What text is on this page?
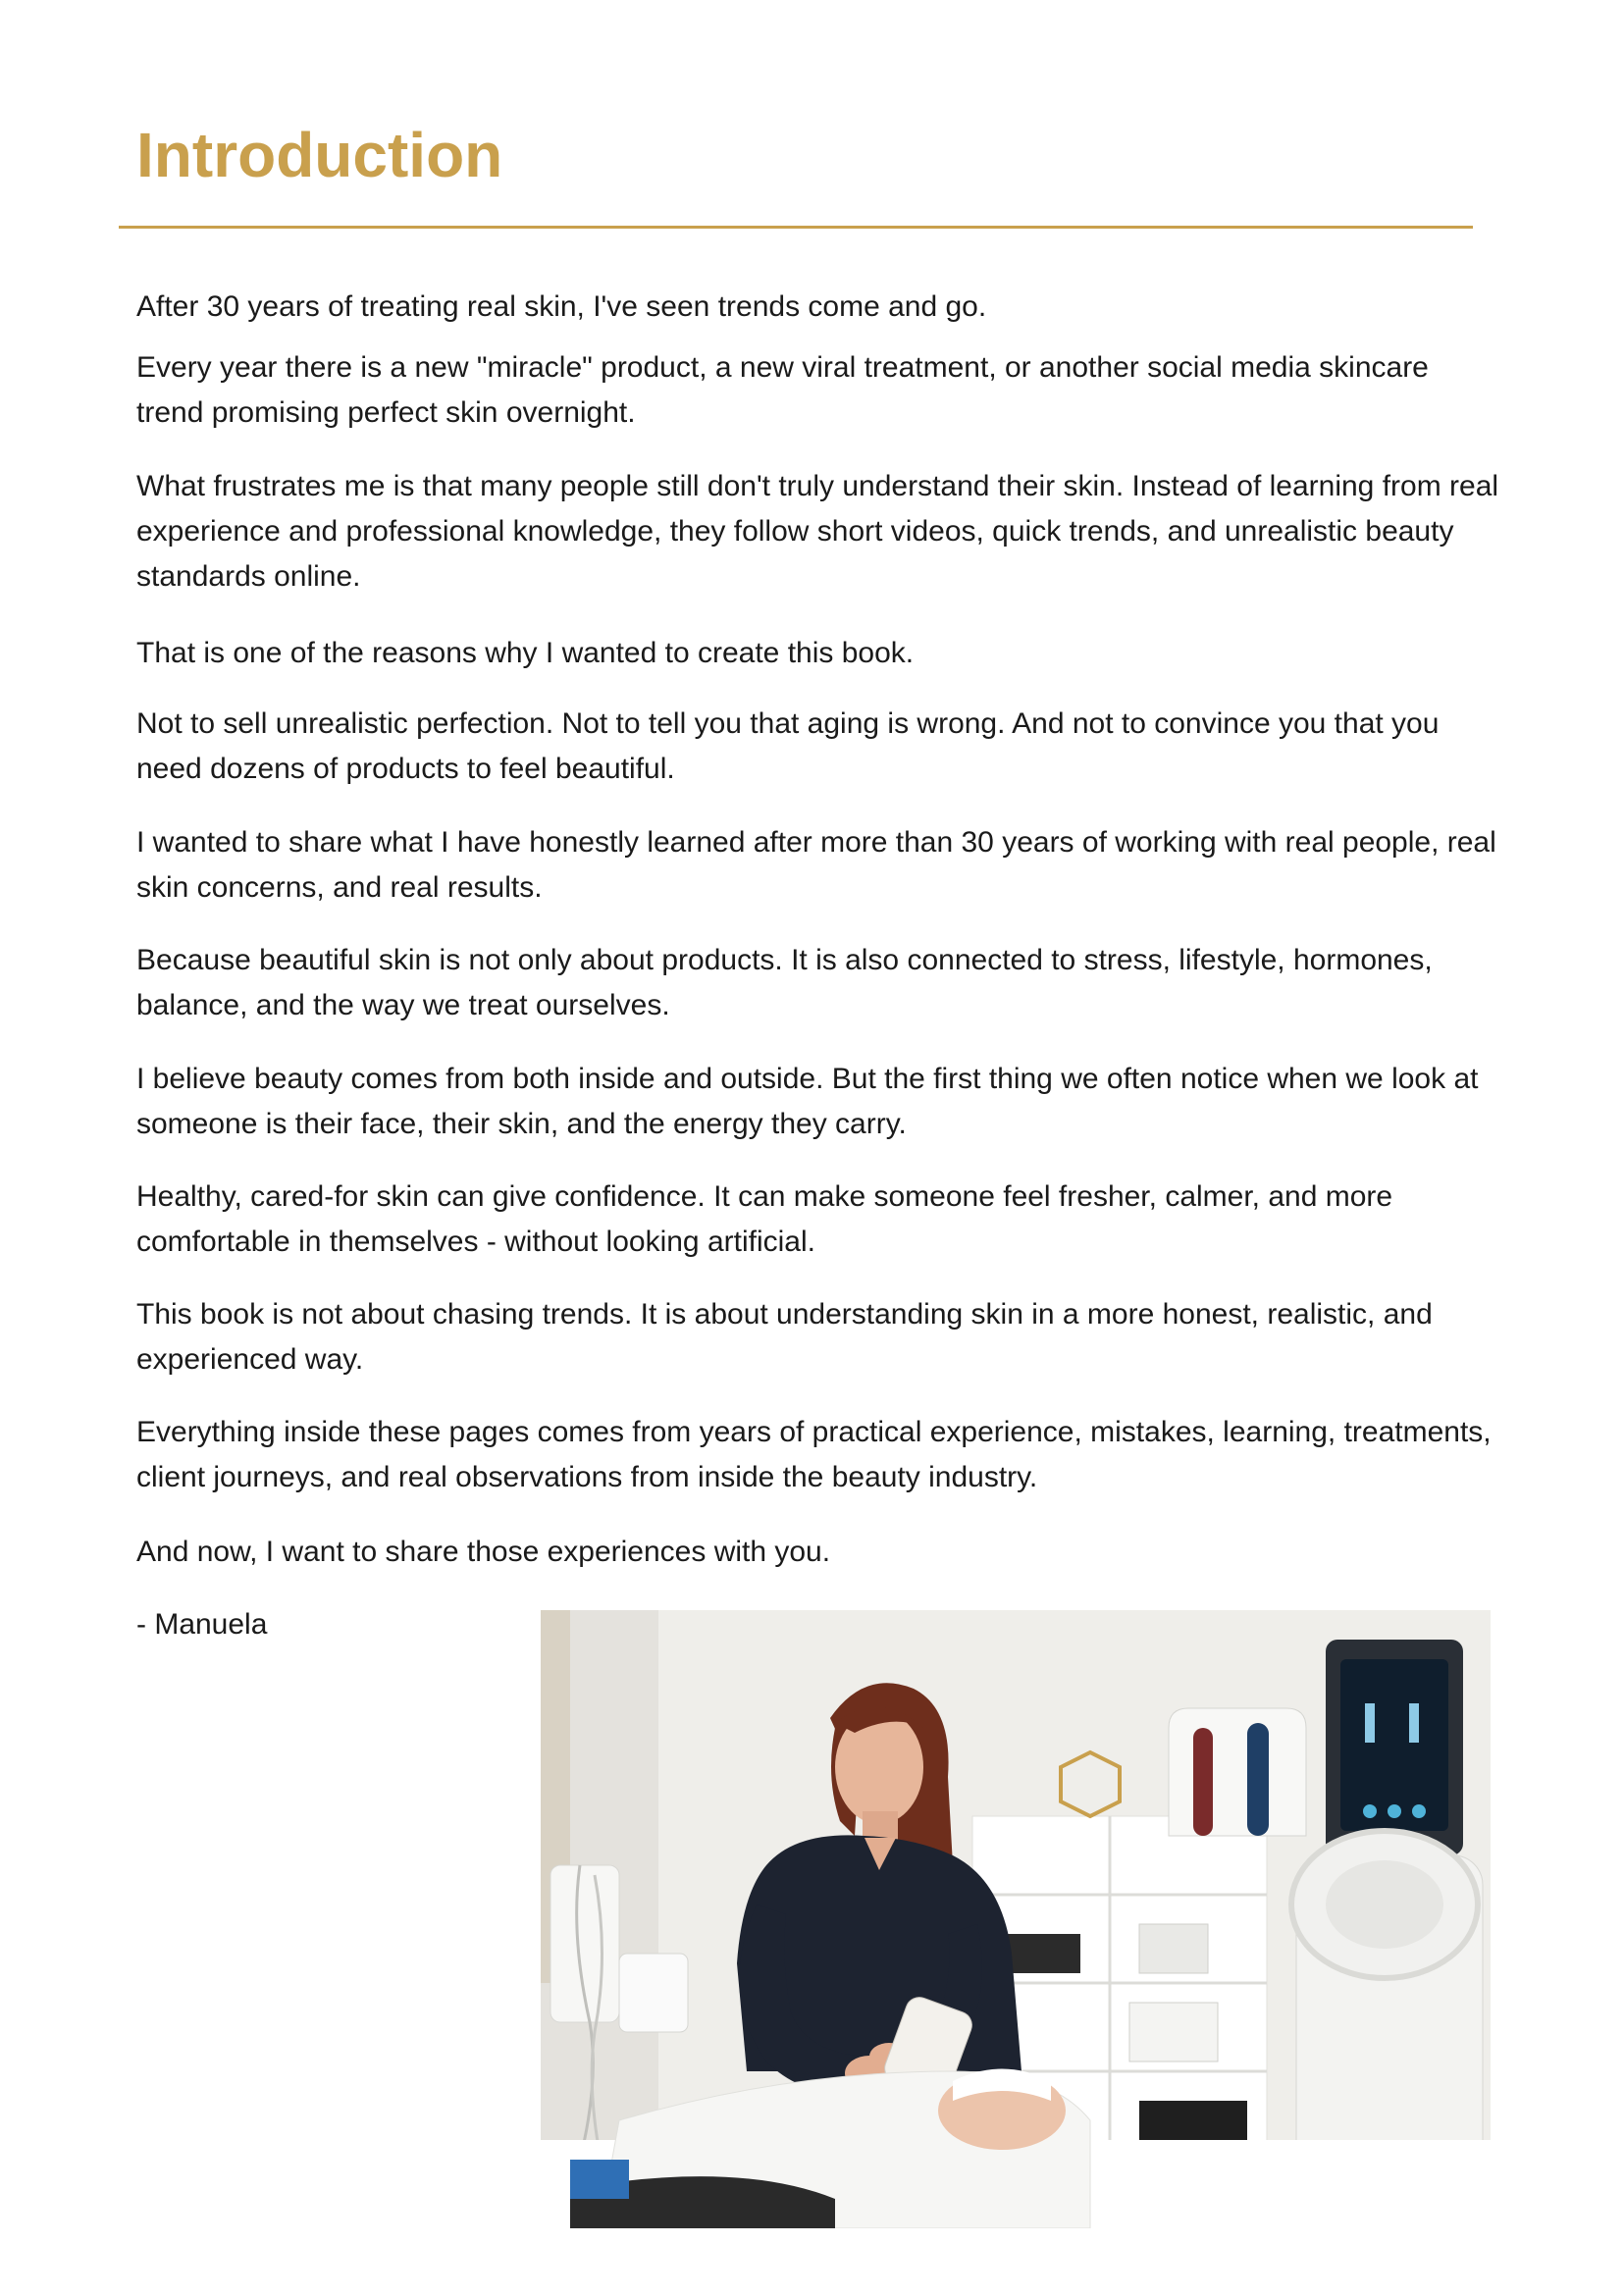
Introduction

After 30 years of treating real skin, I've seen trends come and go.

Every year there is a new "miracle" product, a new viral treatment, or another social media skincare trend promising perfect skin overnight.

What frustrates me is that many people still don't truly understand their skin. Instead of learning from real experience and professional knowledge, they follow short videos, quick trends, and unrealistic beauty standards online.

That is one of the reasons why I wanted to create this book.

Not to sell unrealistic perfection. Not to tell you that aging is wrong. And not to convince you that you need dozens of products to feel beautiful.

I wanted to share what I have honestly learned after more than 30 years of working with real people, real skin concerns, and real results.

Because beautiful skin is not only about products. It is also connected to stress, lifestyle, hormones, balance, and the way we treat ourselves.

I believe beauty comes from both inside and outside. But the first thing we often notice when we look at someone is their face, their skin, and the energy they carry.

Healthy, cared-for skin can give confidence. It can make someone feel fresher, calmer, and more comfortable in themselves - without looking artificial.

This book is not about chasing trends. It is about understanding skin in a more honest, realistic, and experienced way.

Everything inside these pages comes from years of practical experience, mistakes, learning, treatments, client journeys, and real observations from inside the beauty industry.

And now, I want to share those experiences with you.

- Manuela
